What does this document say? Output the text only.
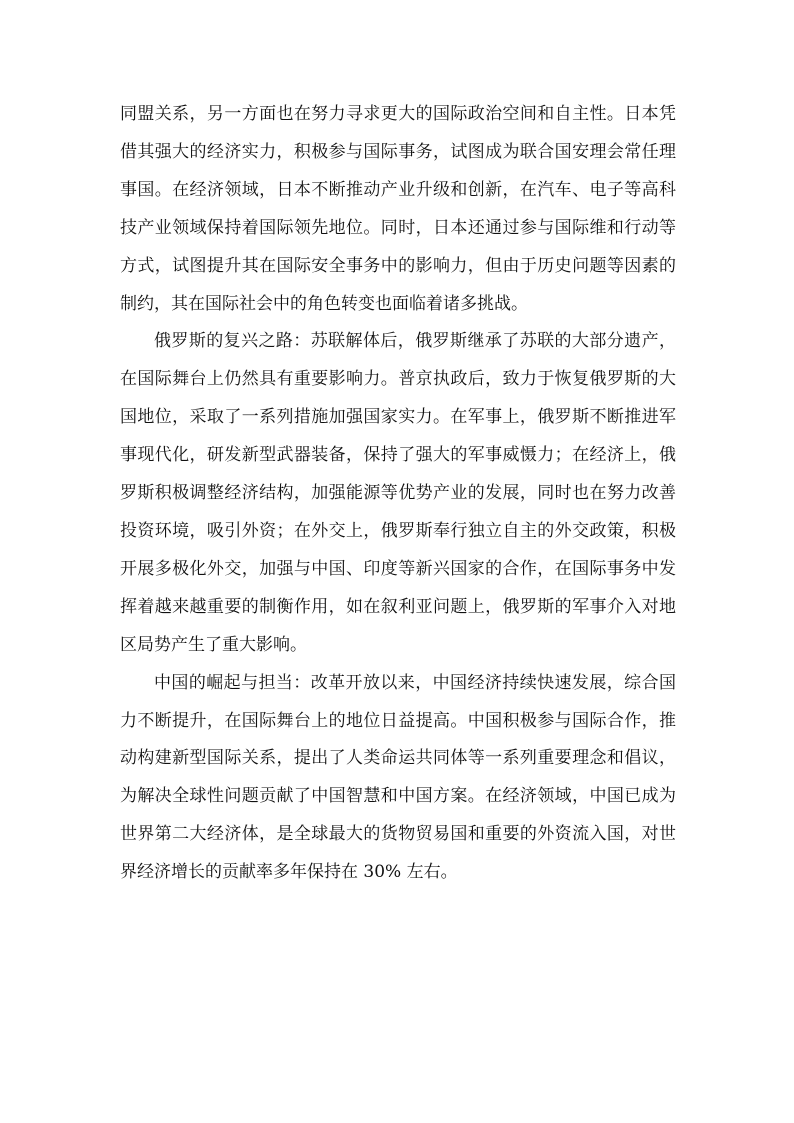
同盟关系，另一方面也在努力寻求更大的国际政治空间和自主性。日本凭借其强大的经济实力，积极参与国际事务，试图成为联合国安理会常任理事国。在经济领域，日本不断推动产业升级和创新，在汽车、电子等高科技产业领域保持着国际领先地位。同时，日本还通过参与国际维和行动等方式，试图提升其在国际安全事务中的影响力，但由于历史问题等因素的制约，其在国际社会中的角色转变也面临着诸多挑战。

俄罗斯的复兴之路：苏联解体后，俄罗斯继承了苏联的大部分遗产，在国际舞台上仍然具有重要影响力。普京执政后，致力于恢复俄罗斯的大国地位，采取了一系列措施加强国家实力。在军事上，俄罗斯不断推进军事现代化，研发新型武器装备，保持了强大的军事威慑力；在经济上，俄罗斯积极调整经济结构，加强能源等优势产业的发展，同时也在努力改善投资环境，吸引外资；在外交上，俄罗斯奉行独立自主的外交政策，积极开展多极化外交，加强与中国、印度等新兴国家的合作，在国际事务中发挥着越来越重要的制衡作用，如在叙利亚问题上，俄罗斯的军事介入对地区局势产生了重大影响。

中国的崛起与担当：改革开放以来，中国经济持续快速发展，综合国力不断提升，在国际舞台上的地位日益提高。中国积极参与国际合作，推动构建新型国际关系，提出了人类命运共同体等一系列重要理念和倡议，为解决全球性问题贡献了中国智慧和中国方案。在经济领域，中国已成为世界第二大经济体，是全球最大的货物贸易国和重要的外资流入国，对世界经济增长的贡献率多年保持在 30% 左右。
